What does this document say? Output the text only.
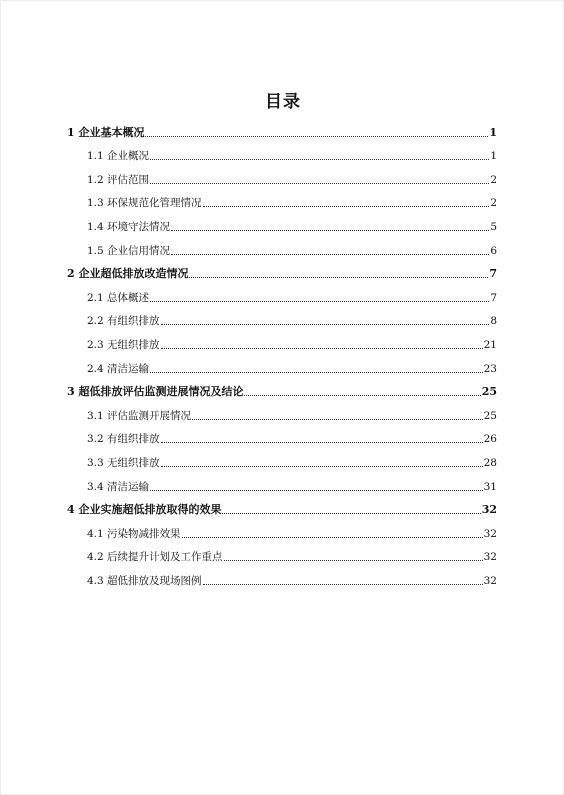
目录
1 企业基本概况	1
1.1 企业概况	1
1.2 评估范围	2
1.3 环保规范化管理情况	2
1.4 环境守法情况	5
1.5 企业信用情况	6
2 企业超低排放改造情况	7
2.1 总体概述	7
2.2 有组织排放	8
2.3 无组织排放	21
2.4 清洁运输	23
3 超低排放评估监测进展情况及结论	25
3.1 评估监测开展情况	25
3.2 有组织排放	26
3.3 无组织排放	28
3.4 清洁运输	31
4 企业实施超低排放取得的效果	32
4.1 污染物减排效果	32
4.2 后续提升计划及工作重点	32
4.3 超低排放及现场图例	32
